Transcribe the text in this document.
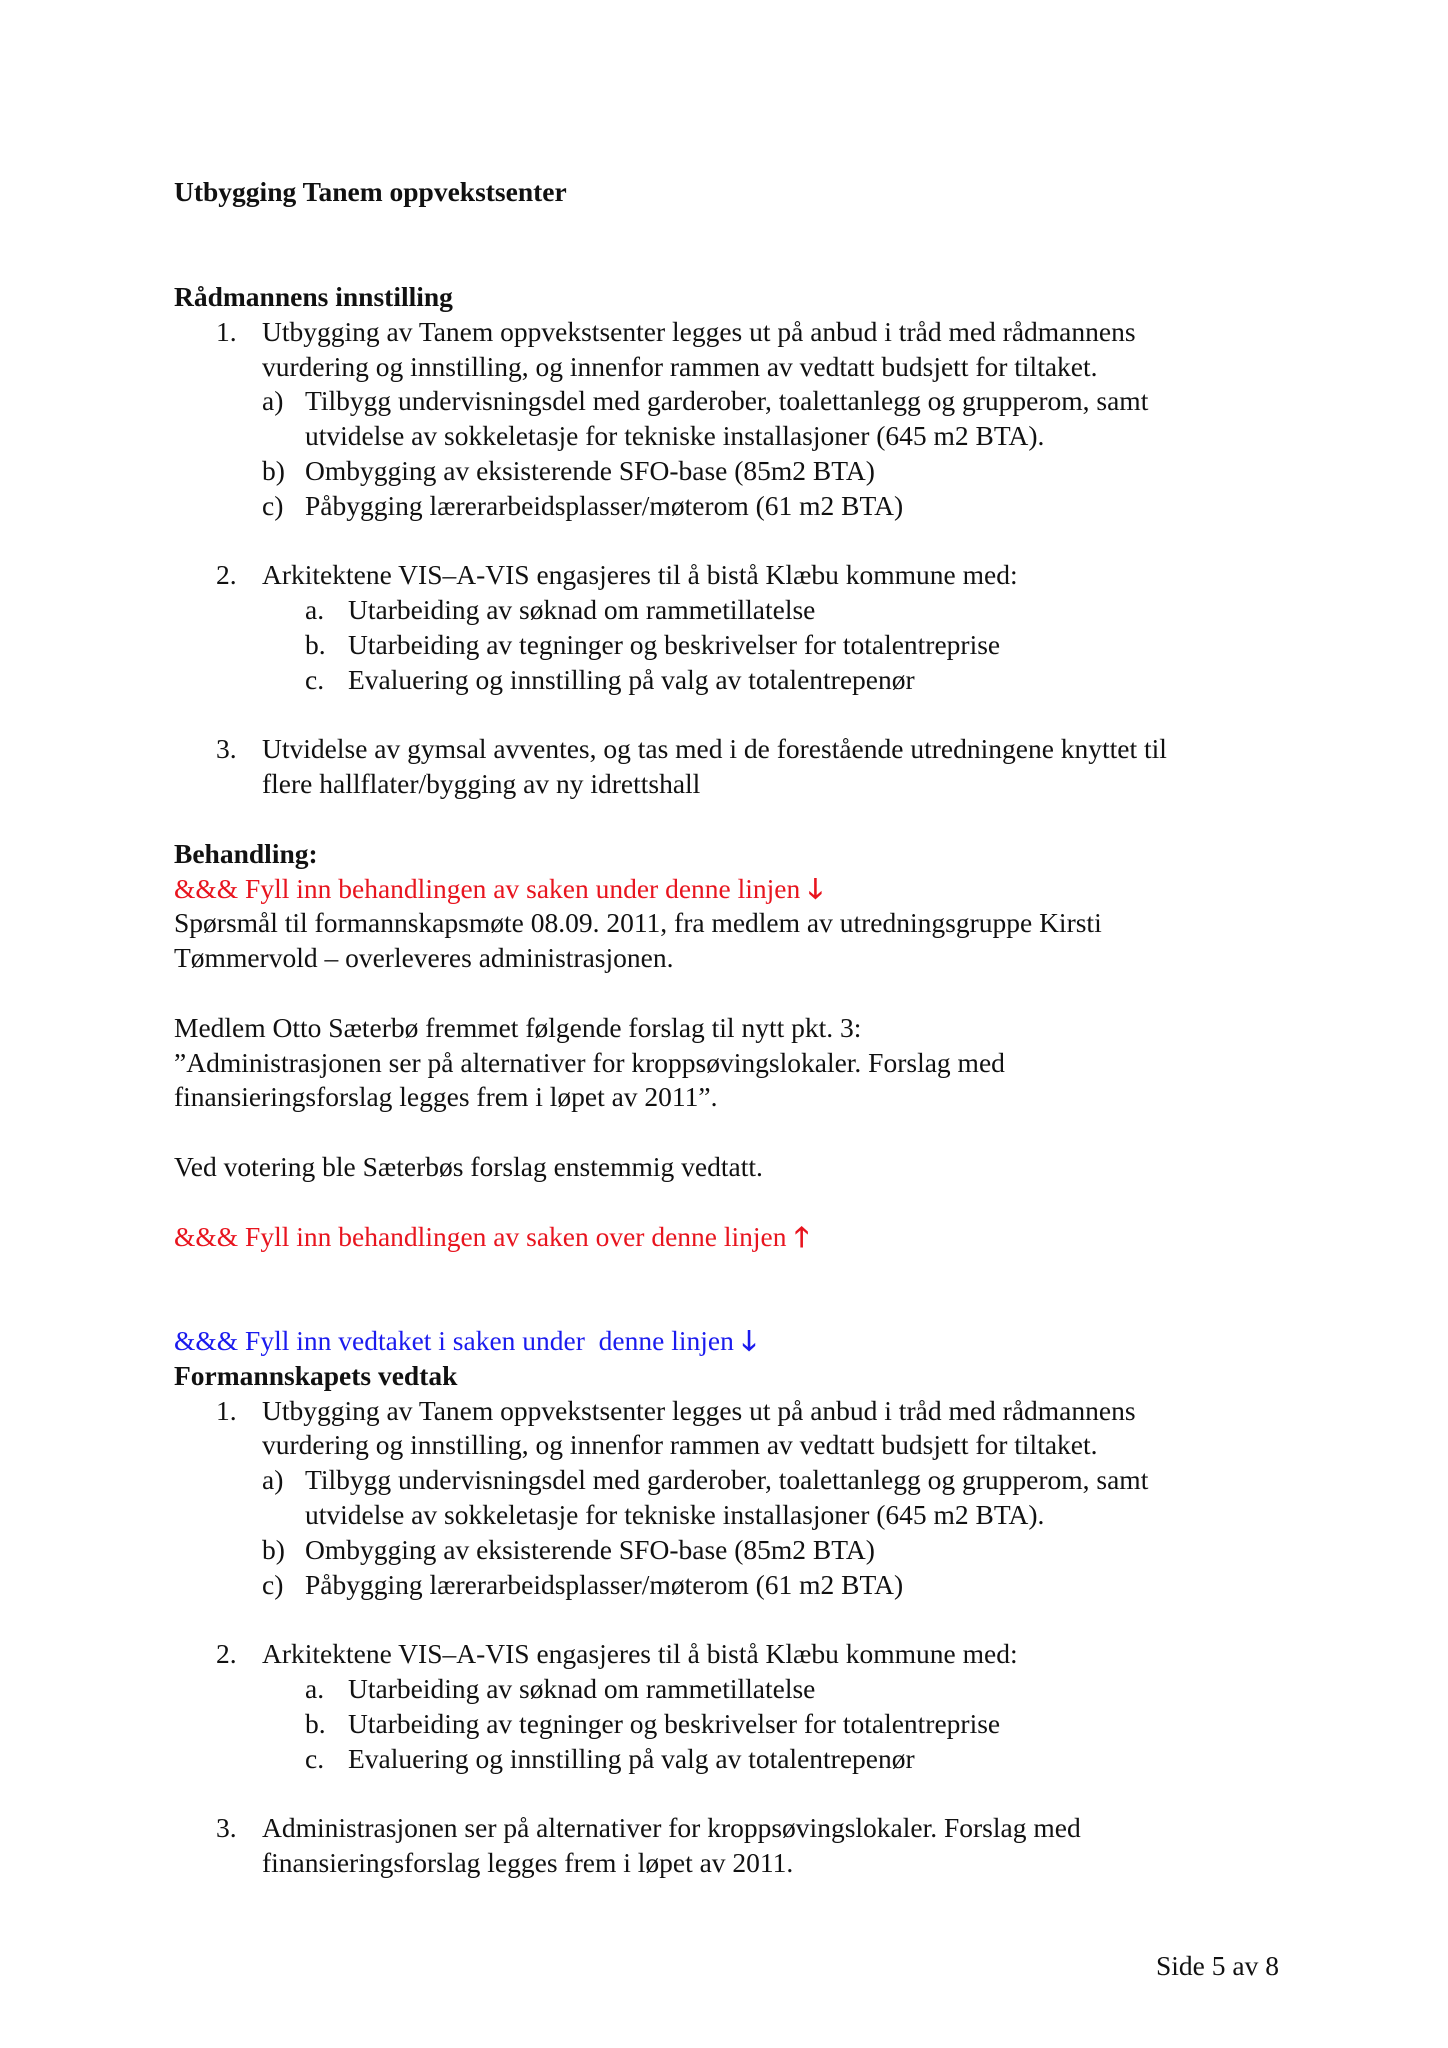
Utbygging Tanem oppvekstsenter
Rådmannens innstilling
1. Utbygging av Tanem oppvekstsenter legges ut på anbud i tråd med rådmannens
vurdering og innstilling, og innenfor rammen av vedtatt budsjett for tiltaket.
a) Tilbygg undervisningsdel med garderober, toalettanlegg og grupperom, samt
utvidelse av sokkeletasje for tekniske installasjoner (645 m2 BTA).
b) Ombygging av eksisterende SFO-base (85m2 BTA)
c) Påbygging lærerarbeidsplasser/møterom (61 m2 BTA)
2. Arkitektene VIS–A-VIS engasjeres til å bistå Klæbu kommune med:
a. Utarbeiding av søknad om rammetillatelse
b. Utarbeiding av tegninger og beskrivelser for totalentreprise
c. Evaluering og innstilling på valg av totalentrepenør
3. Utvidelse av gymsal avventes, og tas med i de forestående utredningene knyttet til
flere hallflater/bygging av ny idrettshall
Behandling:
&&& Fyll inn behandlingen av saken under denne linjen 🡓
Spørsmål til formannskapsmøte 08.09. 2011, fra medlem av utredningsgruppe Kirsti
Tømmervold – overleveres administrasjonen.
Medlem Otto Sæterbø fremmet følgende forslag til nytt pkt. 3:
”Administrasjonen ser på alternativer for kroppsøvingslokaler. Forslag med
finansieringsforslag legges frem i løpet av 2011”.
Ved votering ble Sæterbøs forslag enstemmig vedtatt.
&&& Fyll inn behandlingen av saken over denne linjen 🡑
&&& Fyll inn vedtaket i saken under  denne linjen 🡓
Formannskapets vedtak
1. Utbygging av Tanem oppvekstsenter legges ut på anbud i tråd med rådmannens
vurdering og innstilling, og innenfor rammen av vedtatt budsjett for tiltaket.
a) Tilbygg undervisningsdel med garderober, toalettanlegg og grupperom, samt
utvidelse av sokkeletasje for tekniske installasjoner (645 m2 BTA).
b) Ombygging av eksisterende SFO-base (85m2 BTA)
c) Påbygging lærerarbeidsplasser/møterom (61 m2 BTA)
2. Arkitektene VIS–A-VIS engasjeres til å bistå Klæbu kommune med:
a. Utarbeiding av søknad om rammetillatelse
b. Utarbeiding av tegninger og beskrivelser for totalentreprise
c. Evaluering og innstilling på valg av totalentrepenør
3. Administrasjonen ser på alternativer for kroppsøvingslokaler. Forslag med
finansieringsforslag legges frem i løpet av 2011.
Side 5 av 8
